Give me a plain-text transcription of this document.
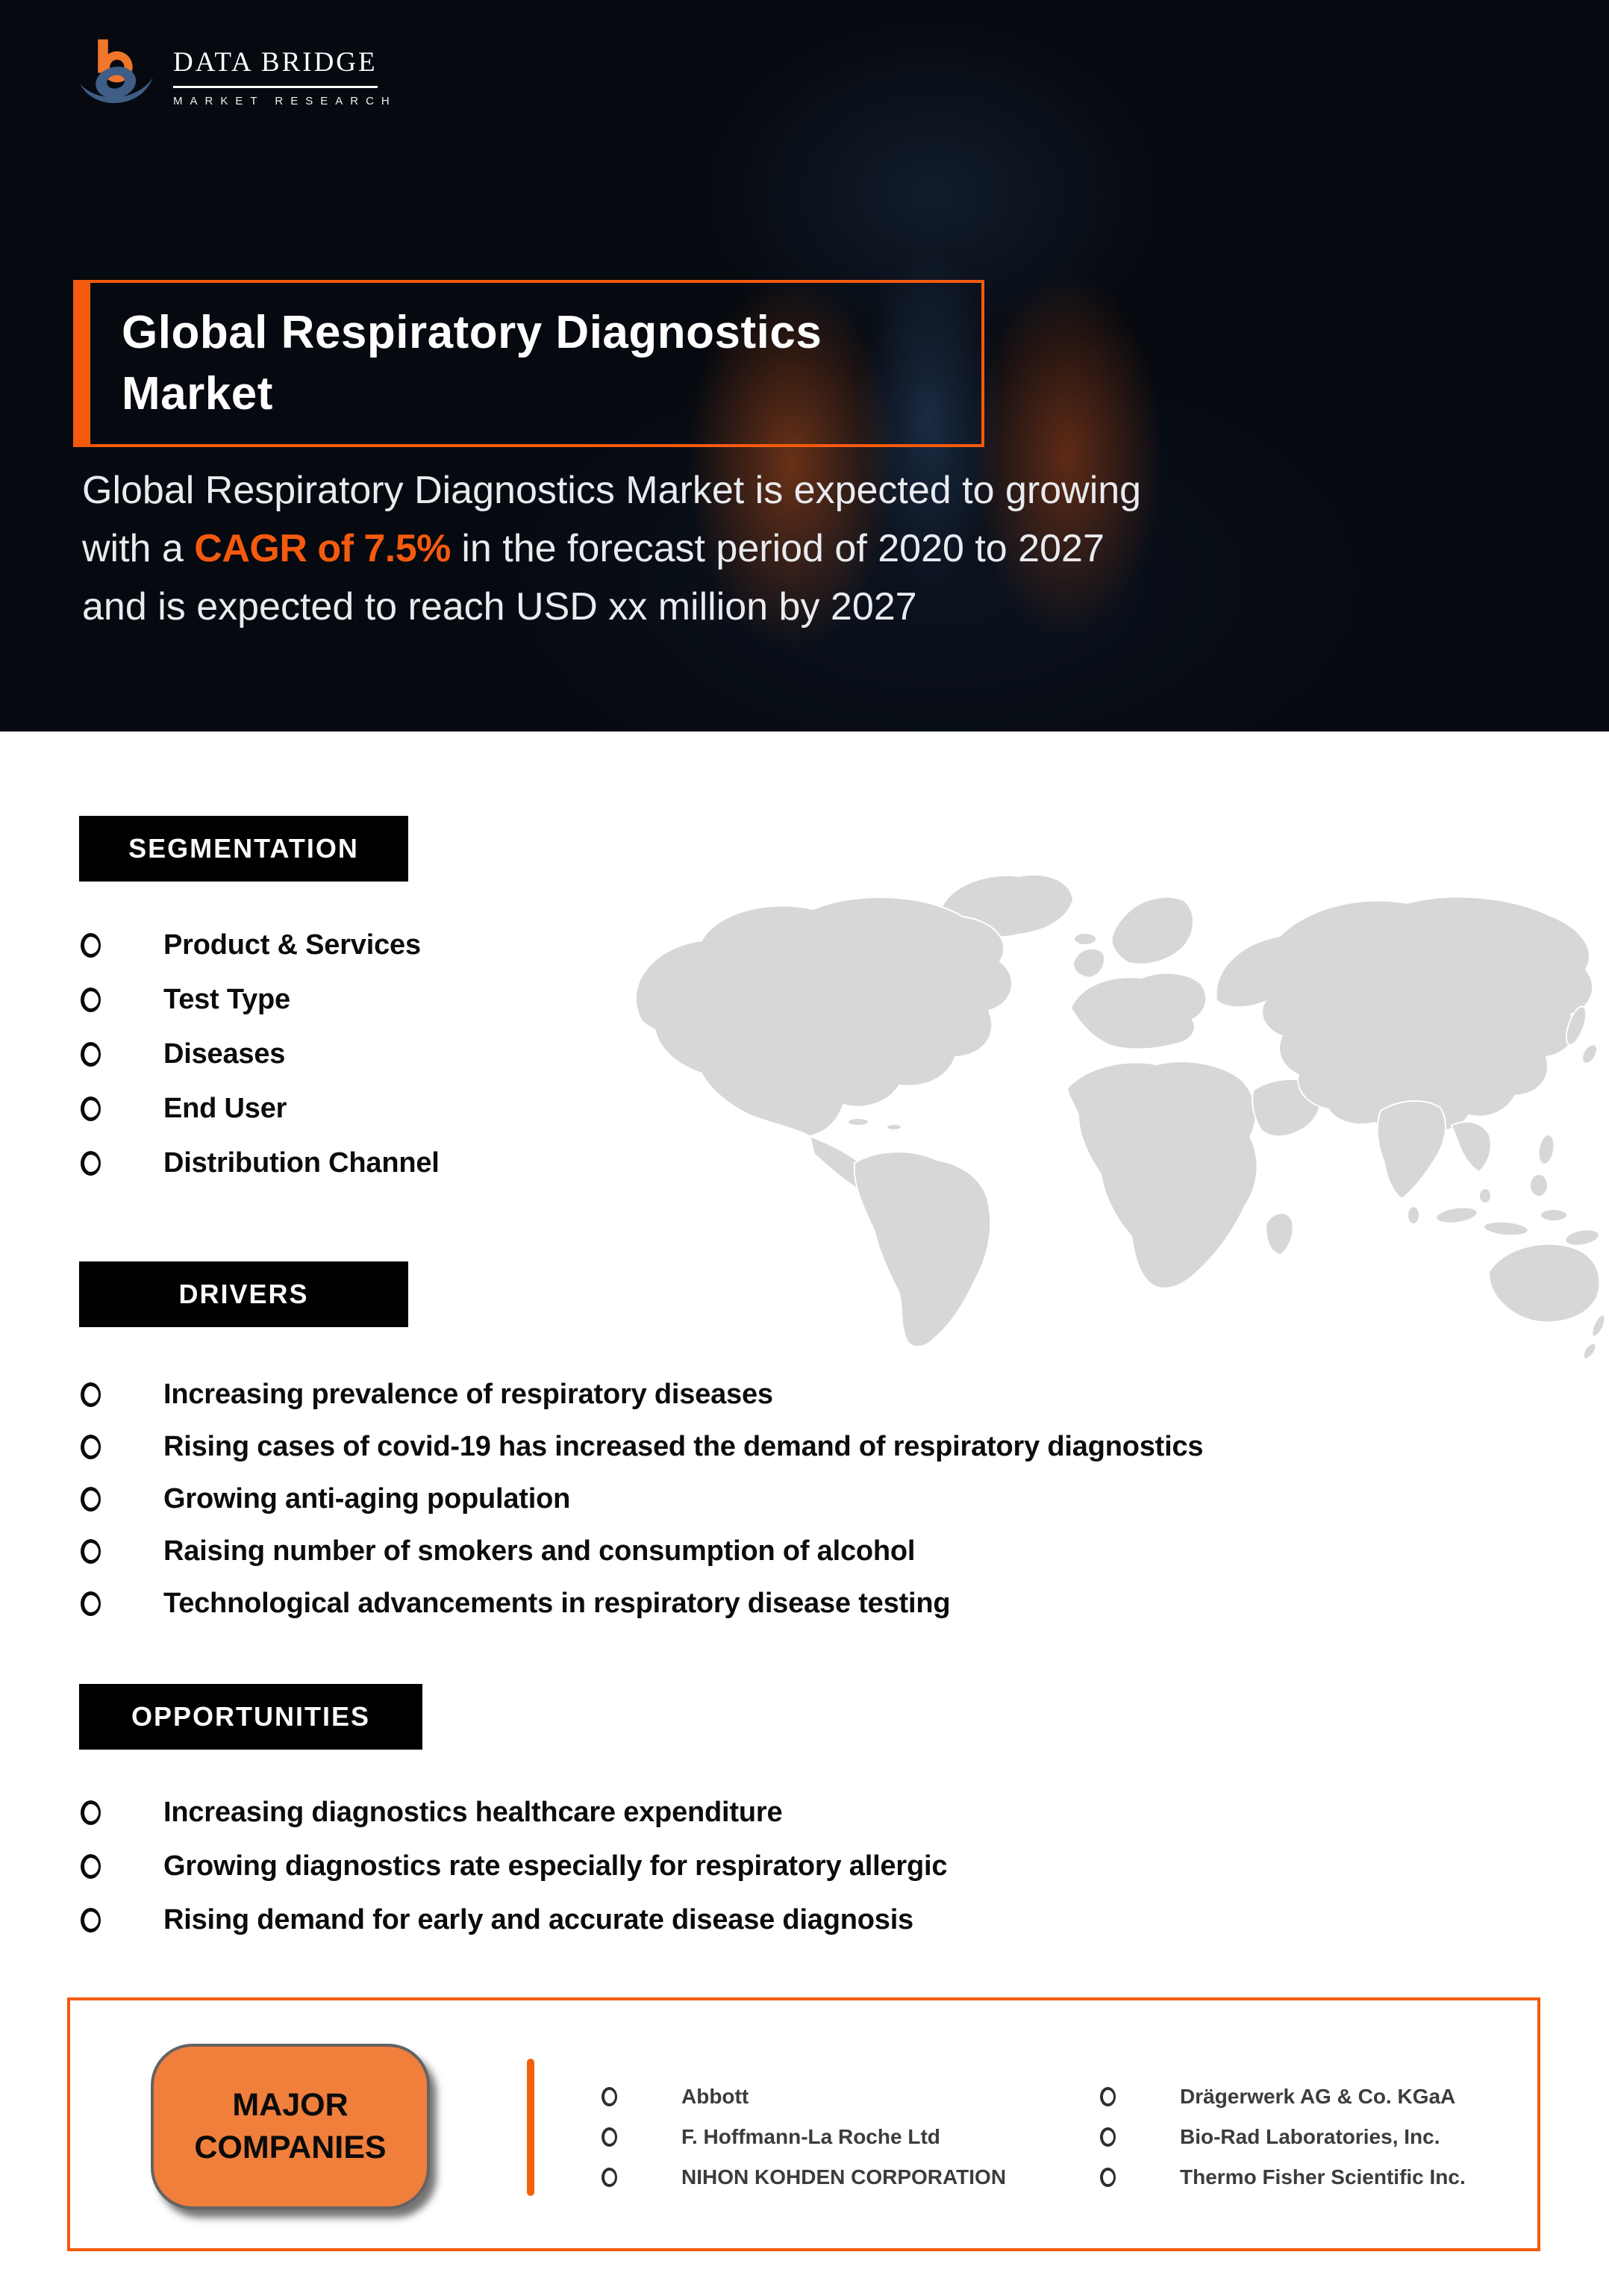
DATA BRIDGE
MARKET RESEARCH
Global Respiratory Diagnostics Market

Global Respiratory Diagnostics Market is expected to growing with a CAGR of 7.5% in the forecast period of 2020 to 2027 and is expected to reach USD xx million by 2027

SEGMENTATION
Product & Services
Test Type
Diseases
End User
Distribution Channel
DRIVERS
Increasing prevalence of respiratory diseases
Rising cases of covid-19 has increased the demand of respiratory diagnostics
Growing anti-aging population
Raising number of smokers and consumption of alcohol
Technological advancements in respiratory disease testing
OPPORTUNITIES
Increasing diagnostics healthcare expenditure
Growing diagnostics rate especially for respiratory allergic
Rising demand for early and accurate disease diagnosis
MAJOR COMPANIES
Abbott
F. Hoffmann-La Roche Ltd
NIHON KOHDEN CORPORATION
Drägerwerk AG & Co. KGaA
Bio-Rad Laboratories, Inc.
Thermo Fisher Scientific Inc.
